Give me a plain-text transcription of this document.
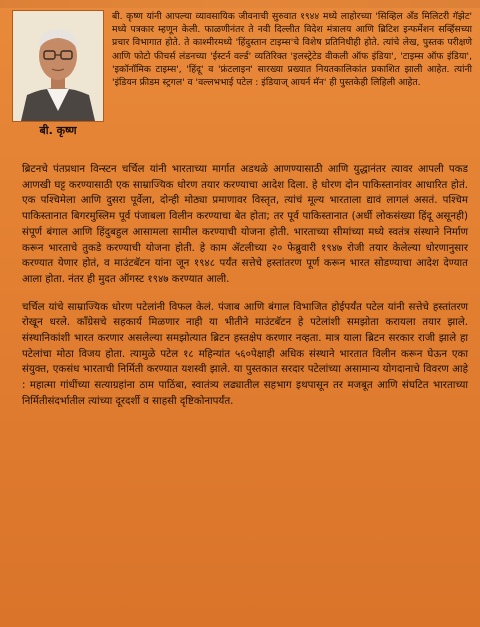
बी. कृष्ण

बी. कृष्ण यांनी आपल्या व्यावसायिक जीवनाची सुरुवात १९४४ मध्ये लाहोरच्या 'सिव्हिल अँड मिलिटरी गॅझेट' मध्ये पत्रकार म्हणून केली. फाळणीनंतर ते नवी दिल्लीत विदेश मंत्रालय आणि ब्रिटिश इन्फर्मेशन सर्व्हिसच्या प्रचार विभागात होते. ते काश्मीरमध्ये 'हिंदुस्तान टाइम्स'चे विशेष प्रतिनिधीही होते. त्यांचे लेख, पुस्तक परीक्षणे आणि फोटो फीचर्स लंडनच्या 'ईस्टर्न वर्ल्ड' व्यतिरिक्त 'इलस्ट्रेटेड वीकली ऑफ इंडिया', 'टाइम्स ऑफ इंडिया', 'इकॉनॉमिक टाइम्स', 'हिंदू' व 'फ्रंटलाइन' सारख्या प्रख्यात नियतकालिकांत प्रकाशित झाली आहेत. त्यांनी 'इंडियन फ्रीडम स्ट्रगल' व 'वल्लभभाई पटेल : इंडियाज् आयर्न मॅन' ही पुस्तकेही लिहिली आहेत.

ब्रिटनचे पंतप्रधान विन्स्टन चर्चिल यांनी भारताच्या मार्गात अडथळे आणण्यासाठी आणि युद्धानंतर त्यावर आपली पकड आणखी घट्ट करण्यासाठी एक साम्राज्यिक धोरण तयार करण्याचा आदेश दिला. हे धोरण दोन पाकिस्तानांवर आधारित होतं. एक पश्चिमेला आणि दुसरा पूर्वेला, दोन्ही मोठ्या प्रमाणावर विस्तृत, त्यांचं मूल्य भारताला द्यावं लागलं असतं. पश्चिम पाकिस्तानात बिगरमुस्लिम पूर्व पंजाबला विलीन करण्याचा बेत होता; तर पूर्व पाकिस्तानात (अर्धी लोकसंख्या हिंदू असूनही) संपूर्ण बंगाल आणि हिंदुबहुल आसामला सामील करण्याची योजना होती. भारताच्या सीमांच्या मध्ये स्वतंत्र संस्थाने निर्माण करून भारताचे तुकडे करण्याची योजना होती. हे काम ॲटलीच्या २० फेब्रुवारी १९४७ रोजी तयार केलेल्या धोरणानुसार करण्यात येणार होतं, व माउंटबॅटन यांना जून १९४८ पर्यंत सत्तेचे हस्तांतरण पूर्ण करून भारत सोडण्याचा आदेश देण्यात आला होता. नंतर ही मुदत ऑगस्ट १९४७ करण्यात आली.

चर्चिल यांचे साम्राज्यिक धोरण पटेलांनी विफल केलं. पंजाब आणि बंगाल विभाजित होईपर्यंत पटेल यांनी सत्तेचे हस्तांतरण रोखून धरले. काँग्रेसचे सहकार्य मिळणार नाही या भीतीने माउंटबॅटन हे पटेलांशी समझोता करायला तयार झाले. संस्थानिकांशी भारत करणार असलेल्या समझोत्यात ब्रिटन हस्तक्षेप करणार नव्हता. मात्र याला ब्रिटन सरकार राजी झाले हा पटेलांचा मोठा विजय होता. त्यामुळे पटेल १८ महिन्यांत ५६०पेक्षाही अधिक संस्थाने भारतात विलीन करून घेऊन एका संयुक्त, एकसंध भारताची निर्मिती करण्यात यशस्वी झाले. या पुस्तकात सरदार पटेलांच्या असामान्य योगदानाचे विवरण आहे : महात्मा गांधींच्या सत्याग्रहांना ठाम पाठिंबा, स्वातंत्र्य लढ्यातील सहभाग इथपासून तर मजबूत आणि संघटित भारताच्या निर्मितीसंदर्भातील त्यांच्या दूरदर्शी व साहसी दृष्टिकोनापर्यंत.
